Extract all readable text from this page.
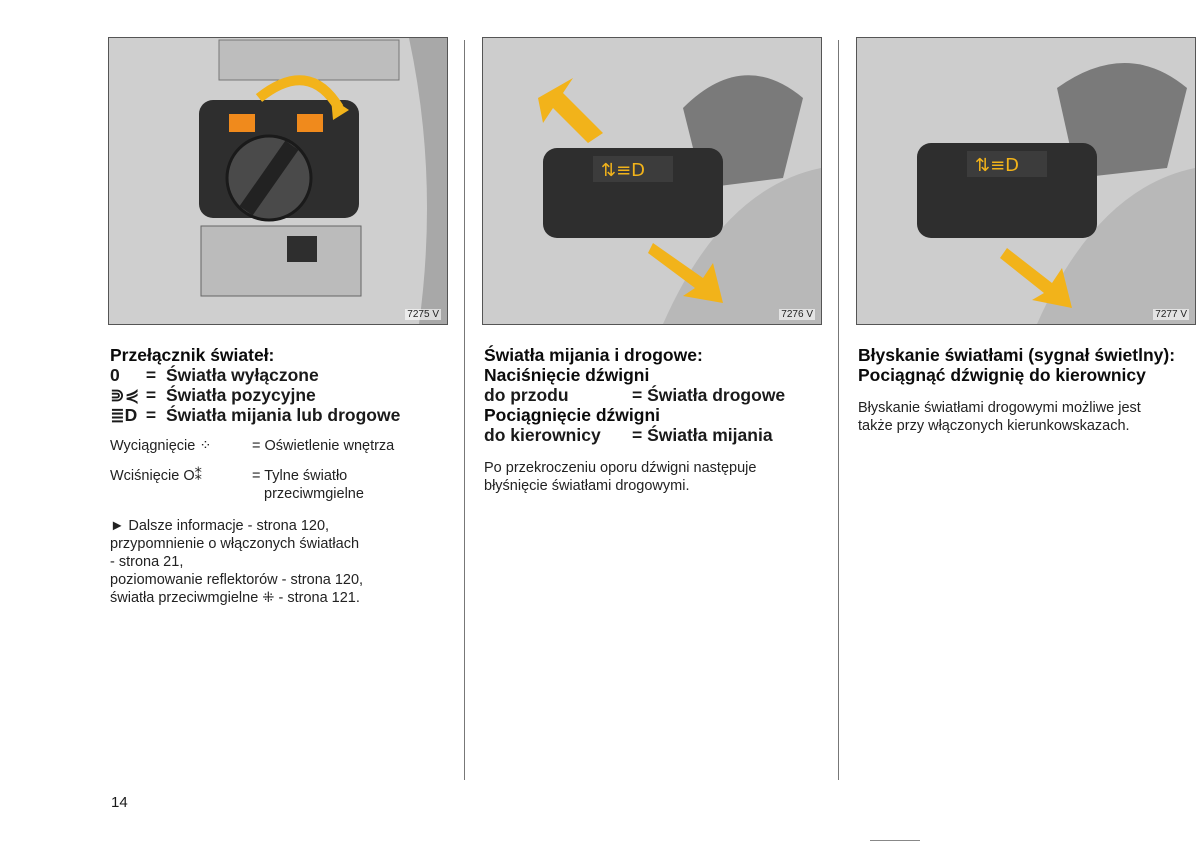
7275 V
⇅≡D
7276 V
⇅≡D
7277 V
Przełącznik świateł:
0	= Światła wyłączone
⋑⋞ = Światła pozycyjne
≣D = Światła mijania lub drogowe
Wyciągnięcie ⁘	= Oświetlenie wnętrza
Wciśnięcie O⁑	= Tylne światło
przeciwmgielne
► Dalsze informacje - strona 120,
przypomnienie o włączonych światłach
- strona 21,
poziomowanie reflektorów - strona 120,
światła przeciwmgielne ⁜ - strona 121.
Światła mijania i drogowe:
Naciśnięcie dźwigni
do przodu	= Światła drogowe
Pociągnięcie dźwigni
do kierownicy	= Światła mijania
Po przekroczeniu oporu dźwigni następuje
błyśnięcie światłami drogowymi.
Błyskanie światłami (sygnał świetlny):
Pociągnąć dźwignię do kierownicy
Błyskanie światłami drogowymi możliwe jest
także przy włączonych kierunkowskazach.
14
